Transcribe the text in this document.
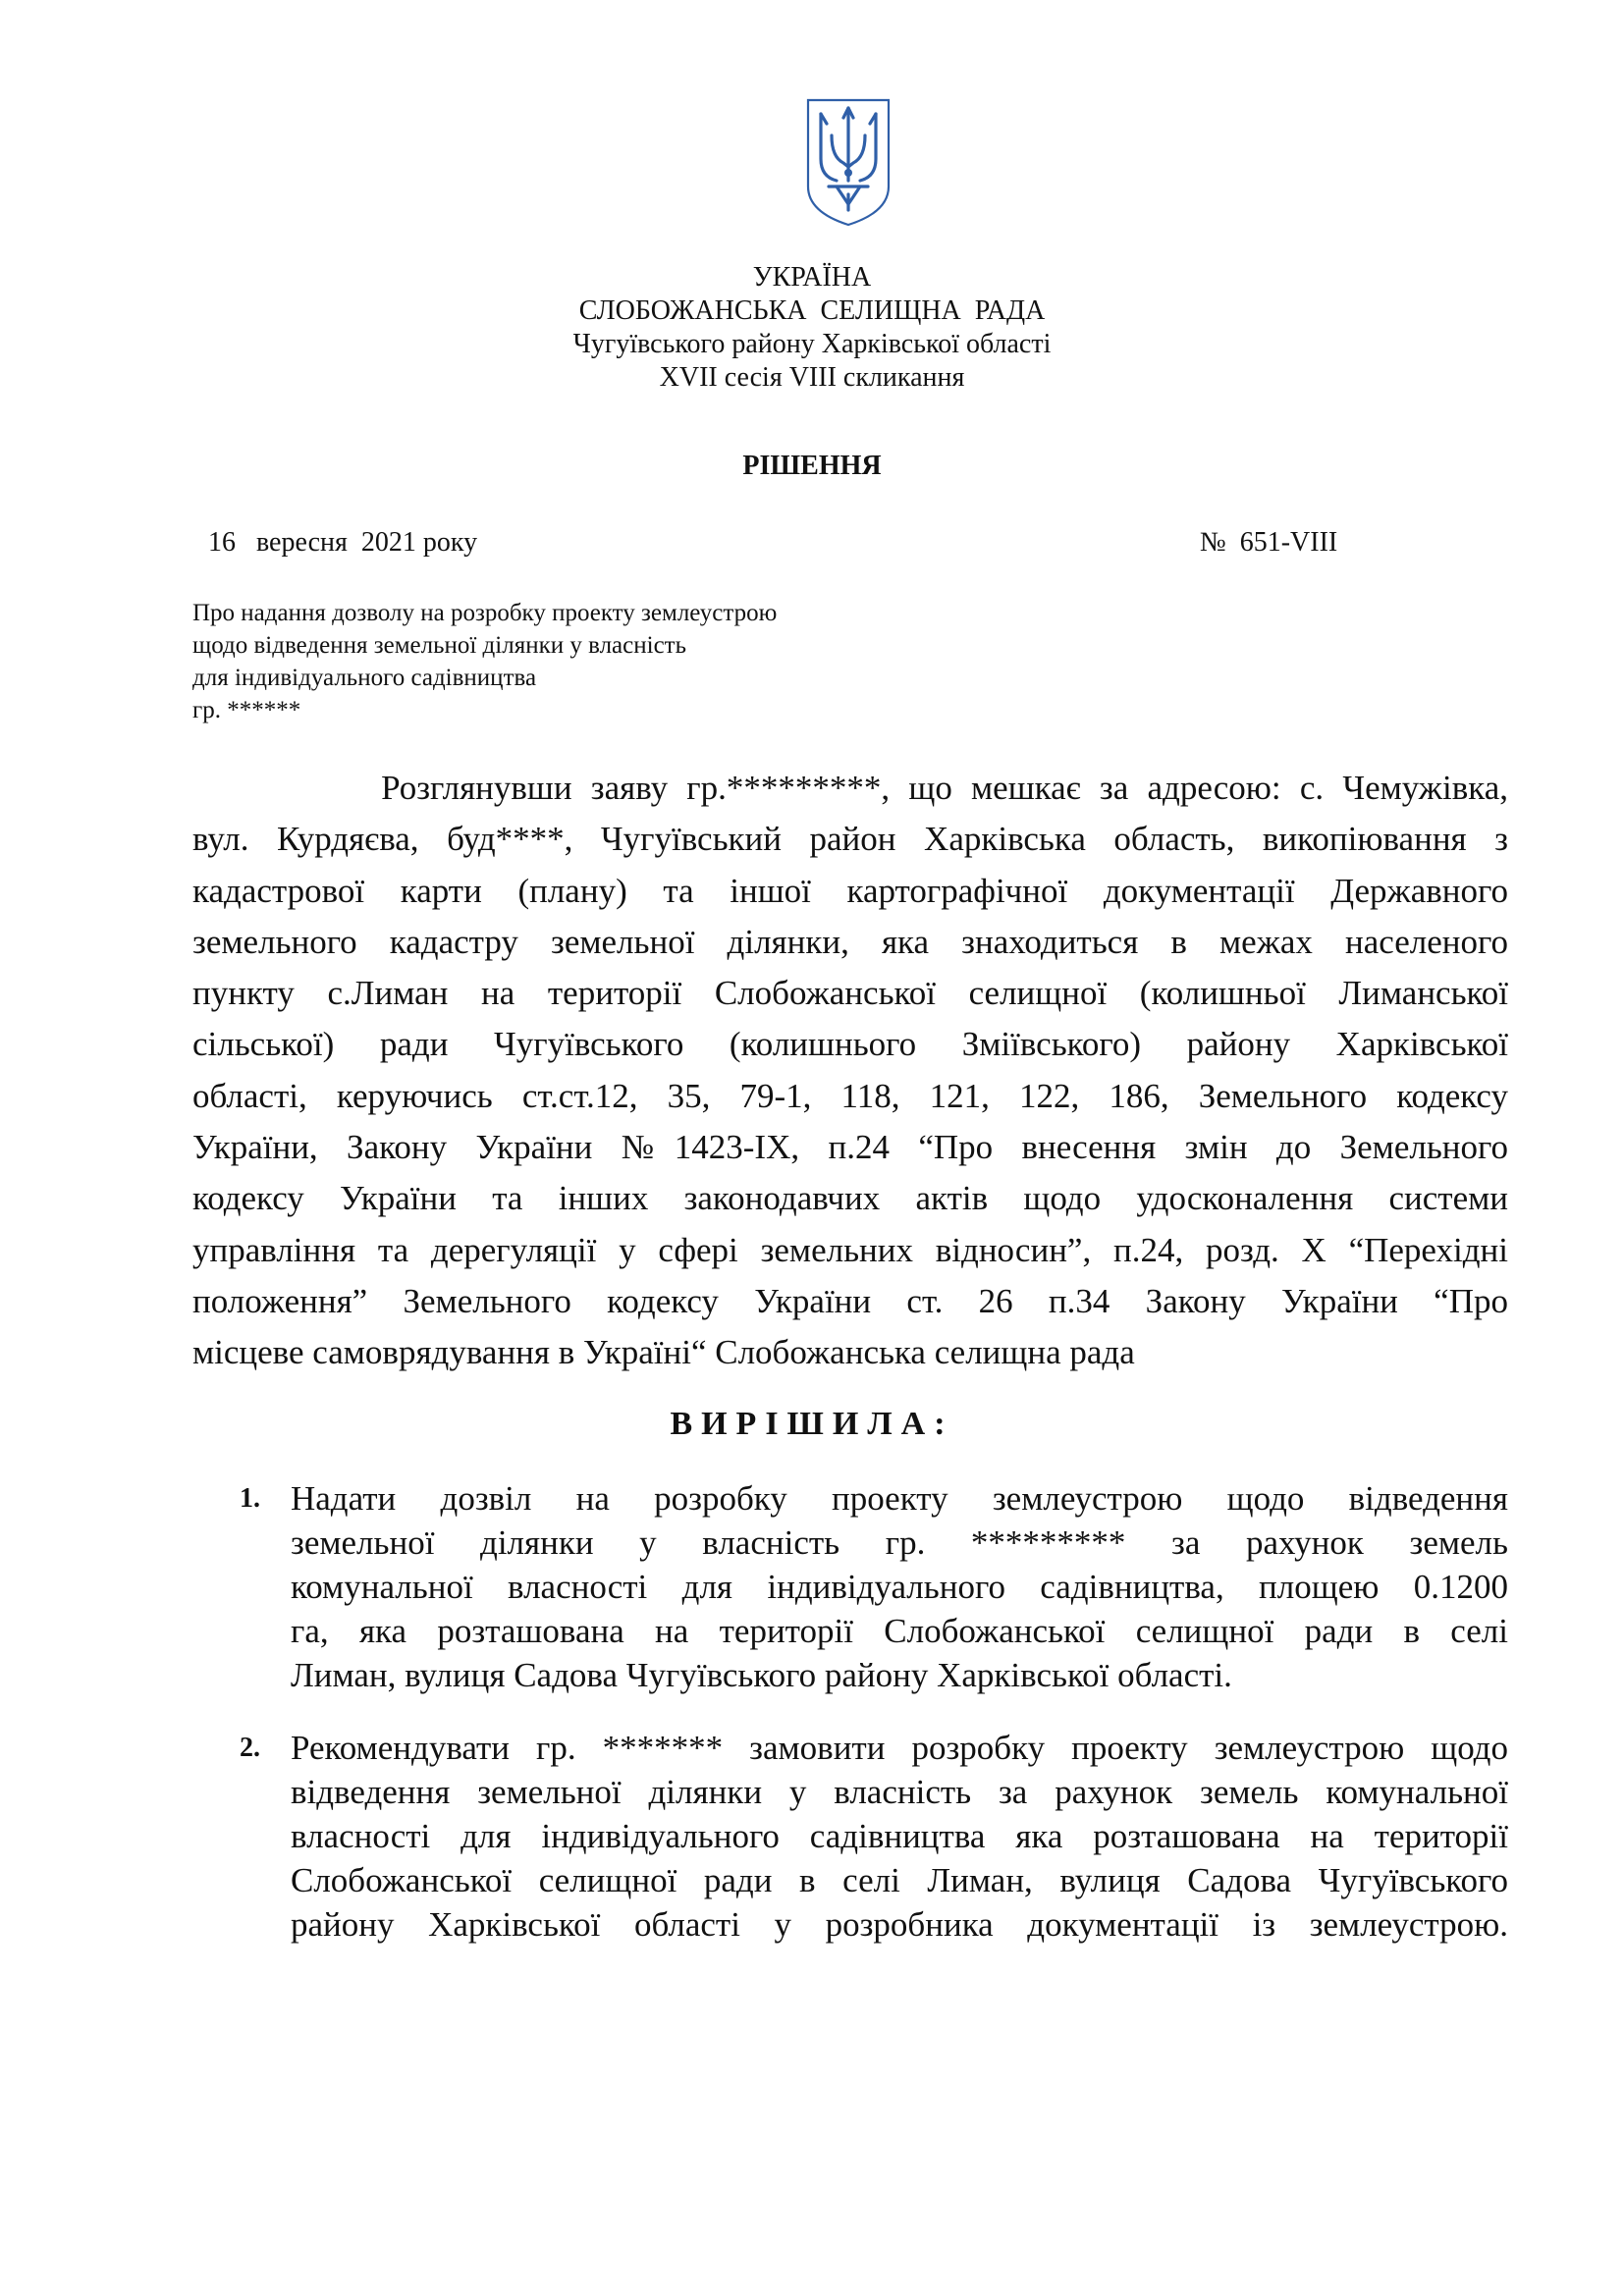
УКРАЇНА
СЛОБОЖАНСЬКА  СЕЛИЩНА  РАДА
Чугуївського району Харківської області
XVII сесія VIII скликання
РІШЕННЯ
16   вересня  2021 року	№  651-VIII
Про надання дозволу на розробку проекту землеустрою
щодо відведення земельної ділянки у власність
для індивідуального садівництва
гр. ******
Розглянувши заяву гр.*********, що мешкає за адресою: с. Чемужівка,
вул. Курдяєва, буд****, Чугуївський район Харківська область, викопіювання з
кадастрової карти (плану) та іншої картографічної документації Державного
земельного кадастру земельної ділянки, яка знаходиться в межах населеного
пункту с.Лиман на території Слобожанської селищної (колишньої Лиманської
сільської) ради Чугуївського (колишнього Зміївського) району Харківської
області, керуючись ст.ст.12, 35, 79-1, 118, 121, 122, 186, Земельного кодексу
України, Закону України №1423-IX, п.24 “Про внесення змін до Земельного
кодексу України та інших законодавчих актів щодо удосконалення системи
управління та дерегуляції у сфері земельних відносин”, п.24, розд. Х “Перехідні
положення” Земельного кодексу України ст. 26 п.34 Закону України “Про
місцеве самоврядування в Україні“ Слобожанська селищна рада
ВИРІШИЛА:
1. Надати дозвіл на розробку проекту землеустрою щодо відведення
земельної ділянки у власність гр. ********* за рахунок земель
комунальної власності для індивідуального садівництва, площею 0.1200
га, яка розташована на території Слобожанської селищної ради в селі
Лиман, вулиця Садова Чугуївського району Харківської області.
2. Рекомендувати гр. ******* замовити розробку проекту землеустрою щодо
відведення земельної ділянки у власність за рахунок земель комунальної
власності для індивідуального садівництва яка розташована на території
Слобожанської селищної ради в селі Лиман, вулиця Садова Чугуївського
району Харківської області у розробника документації із землеустрою.
